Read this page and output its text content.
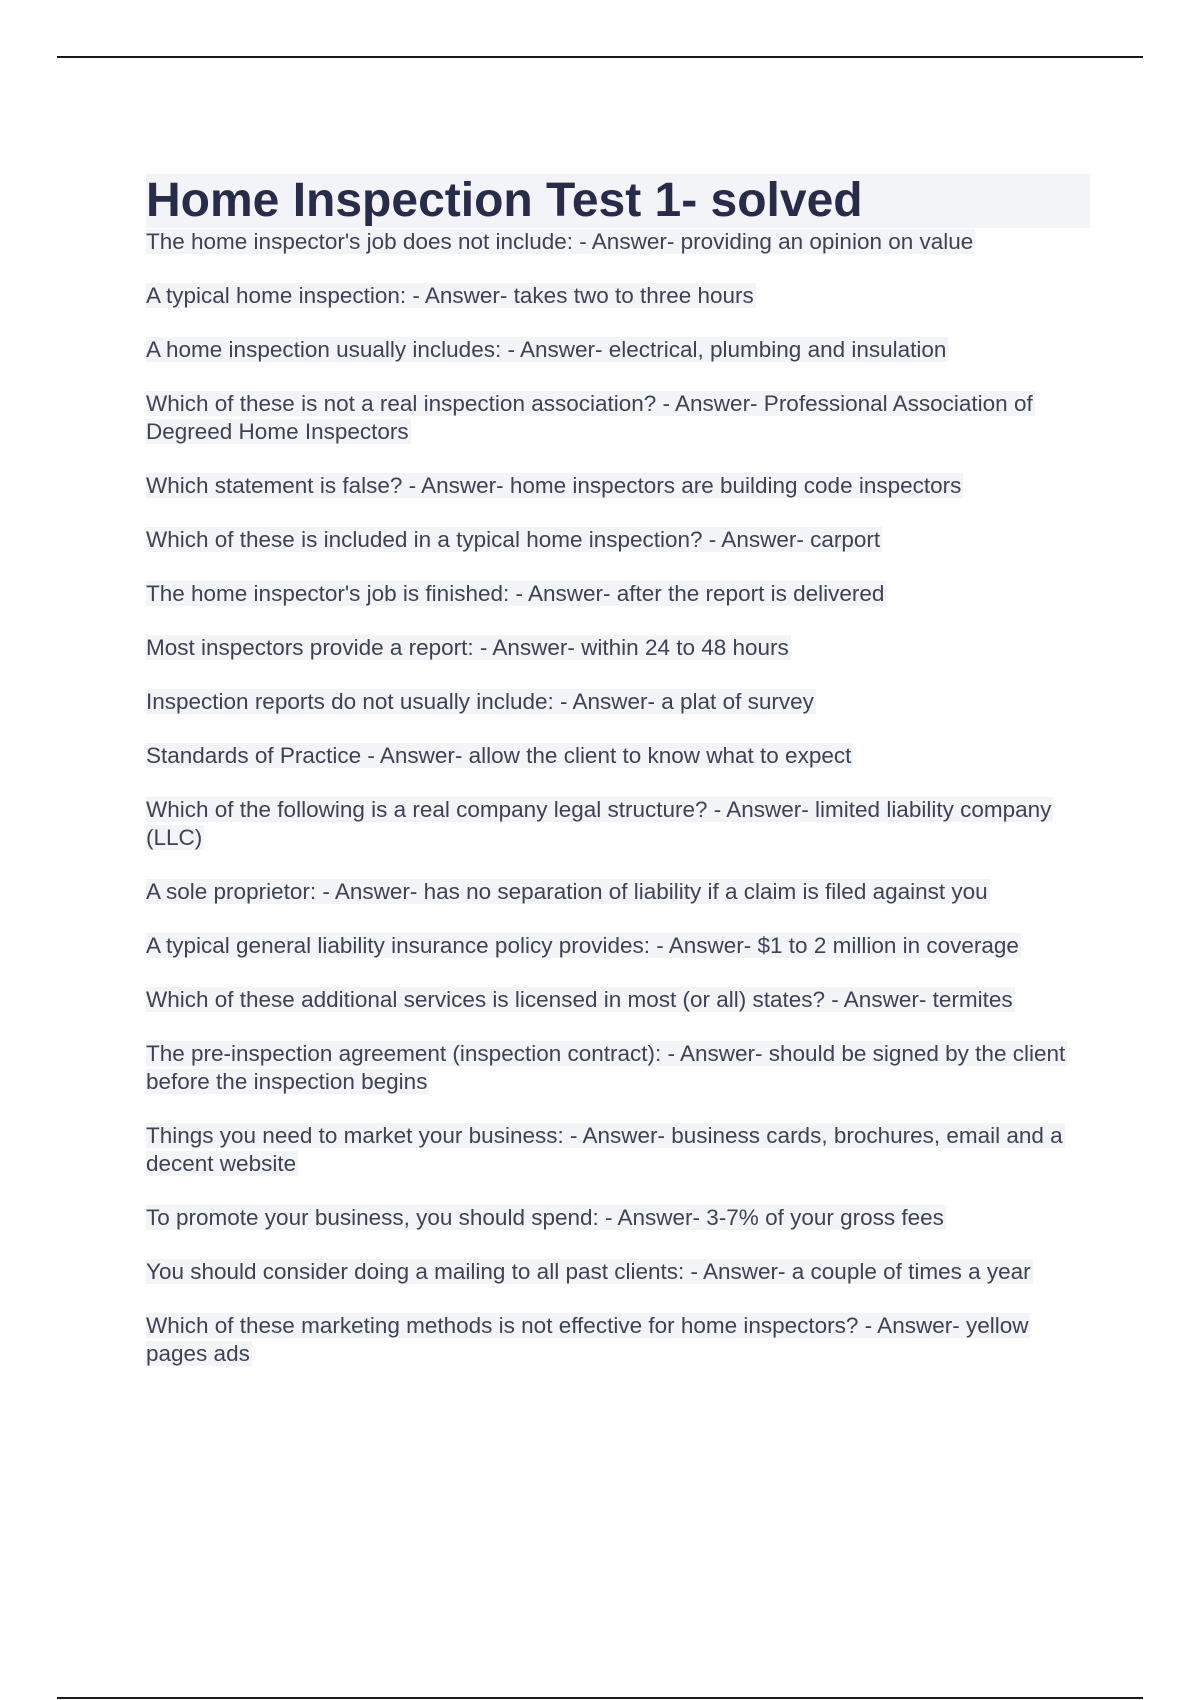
Home Inspection Test 1- solved
The home inspector's job does not include: - Answer- providing an opinion on value
A typical home inspection: - Answer- takes two to three hours
A home inspection usually includes: - Answer- electrical, plumbing and insulation
Which of these is not a real inspection association? - Answer- Professional Association of Degreed Home Inspectors
Which statement is false? - Answer- home inspectors are building code inspectors
Which of these is included in a typical home inspection? - Answer- carport
The home inspector's job is finished: - Answer- after the report is delivered
Most inspectors provide a report: - Answer- within 24 to 48 hours
Inspection reports do not usually include: - Answer- a plat of survey
Standards of Practice - Answer- allow the client to know what to expect
Which of the following is a real company legal structure? - Answer- limited liability company (LLC)
A sole proprietor: - Answer- has no separation of liability if a claim is filed against you
A typical general liability insurance policy provides: - Answer- $1 to 2 million in coverage
Which of these additional services is licensed in most (or all) states? - Answer- termites
The pre-inspection agreement (inspection contract): - Answer- should be signed by the client before the inspection begins
Things you need to market your business: - Answer- business cards, brochures, email and a decent website
To promote your business, you should spend: - Answer- 3-7% of your gross fees
You should consider doing a mailing to all past clients: - Answer- a couple of times a year
Which of these marketing methods is not effective for home inspectors? - Answer- yellow pages ads
